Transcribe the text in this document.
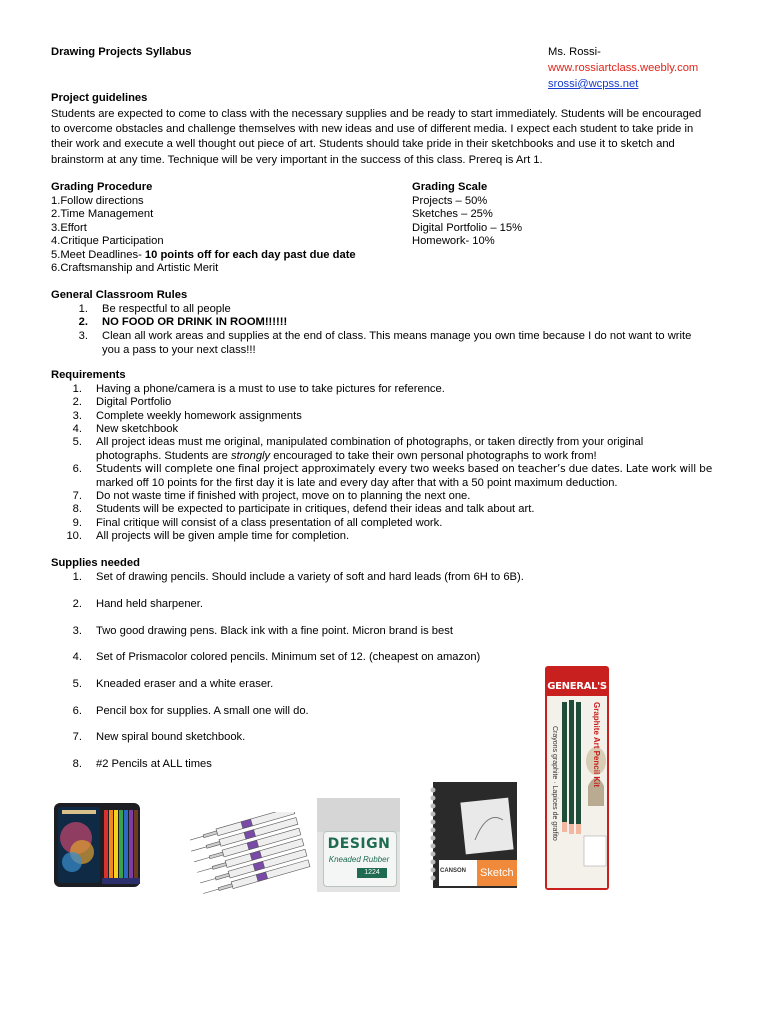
Drawing Projects Syllabus	Ms. Rossi-
www.rossiartclass.weebly.com
srossi@wcpss.net
Project guidelines
Students are expected to come to class with the necessary supplies and be ready to start immediately. Students will be encouraged
to overcome obstacles and challenge themselves with new ideas and use of different media. I expect each student to take pride in
their work and execute a well thought out piece of art. Students should take pride in their sketchbooks and use it to sketch and
brainstorm at any time. Technique will be very important in the success of this class. Prereq is Art 1.
Grading Procedure
1.Follow directions
2.Time Management
3.Effort
4.Critique Participation
5.Meet Deadlines- 10 points off for each day past due date
6.Craftsmanship and Artistic Merit
Grading Scale
Projects – 50%
Sketches – 25%
Digital Portfolio – 15%
Homework- 10%
General Classroom Rules
1. Be respectful to all people
2. NO FOOD OR DRINK IN ROOM!!!!!!
3. Clean all work areas and supplies at the end of class. This means manage you own time because I do not want to write
you a pass to your next class!!!
Requirements
1. Having a phone/camera is a must to use to take pictures for reference.
2. Digital Portfolio
3. Complete weekly homework assignments
4. New sketchbook
5. All project ideas must me original, manipulated combination of photographs, or taken directly from your original
photographs. Students are strongly encouraged to take their own personal photographs to work from!
6. Students will complete one final project approximately every two weeks based on teacher’s due dates. Late work will be
marked off 10 points for the first day it is late and every day after that with a 50 point maximum deduction.
7. Do not waste time if finished with project, move on to planning the next one.
8. Students will be expected to participate in critiques, defend their ideas and talk about art.
9. Final critique will consist of a class presentation of all completed work.
10. All projects will be given ample time for completion.
Supplies needed
1. Set of drawing pencils. Should include a variety of soft and hard leads (from 6H to 6B).
2. Hand held sharpener.
3. Two good drawing pens. Black ink with a fine point. Micron brand is best
4. Set of Prismacolor colored pencils. Minimum set of 12. (cheapest on amazon)
5. Kneaded eraser and a white eraser.
6. Pencil box for supplies. A small one will do.
7. New spiral bound sketchbook.
8. #2 Pencils at ALL times
DESIGN
Kneaded Rubber
1224	CANSON Sketch
Crayons graphite · Lapices de grafito
GENERAL'S
Graphite Art Pencil Kit
